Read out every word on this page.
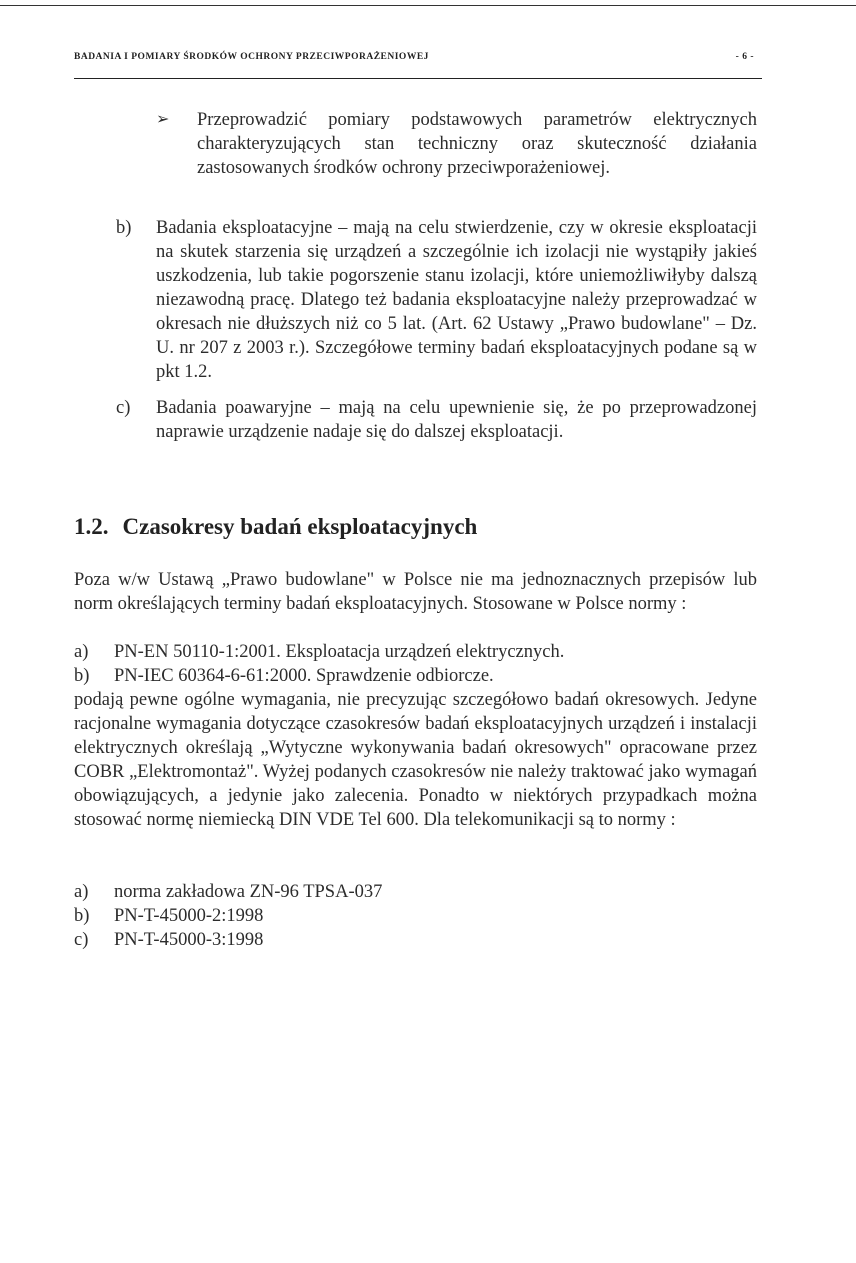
BADANIA I POMIARY ŚRODKÓW OCHRONY PRZECIWPORAŻENIOWEJ	- 6 -
➢ Przeprowadzić pomiary podstawowych parametrów elektrycznych charakteryzujących stan techniczny oraz skuteczność działania zastosowanych środków ochrony przeciwporażeniowej.

b) Badania eksploatacyjne – mają na celu stwierdzenie, czy w okresie eksploatacji na skutek starzenia się urządzeń a szczególnie ich izolacji nie wystąpiły jakieś uszkodzenia, lub takie pogorszenie stanu izolacji, które uniemożliwiłyby dalszą niezawodną pracę. Dlatego też badania eksploatacyjne należy przeprowadzać w okresach nie dłuższych niż co 5 lat. (Art. 62 Ustawy „Prawo budowlane" – Dz. U. nr 207 z 2003 r.). Szczegółowe terminy badań eksploatacyjnych podane są w pkt 1.2.

c) Badania poawaryjne – mają na celu upewnienie się, że po przeprowadzonej naprawie urządzenie nadaje się do dalszej eksploatacji.

1.2. Czasokresy badań eksploatacyjnych

Poza w/w Ustawą „Prawo budowlane" w Polsce nie ma jednoznacznych przepisów lub norm określających terminy badań eksploatacyjnych. Stosowane w Polsce normy :

a) PN-EN 50110-1:2001. Eksploatacja urządzeń elektrycznych.
b) PN-IEC 60364-6-61:2000. Sprawdzenie odbiorcze.

podają pewne ogólne wymagania, nie precyzując szczegółowo badań okresowych. Jedyne racjonalne wymagania dotyczące czasokresów badań eksploatacyjnych urządzeń i instalacji elektrycznych określają „Wytyczne wykonywania badań okresowych" opracowane przez COBR „Elektromontaż". Wyżej podanych czasokresów nie należy traktować jako wymagań obowiązujących, a jedynie jako zalecenia. Ponadto w niektórych przypadkach można stosować normę niemiecką DIN VDE Tel 600. Dla telekomunikacji są to normy :

a) norma zakładowa ZN-96 TPSA-037
b) PN-T-45000-2:1998
c) PN-T-45000-3:1998
